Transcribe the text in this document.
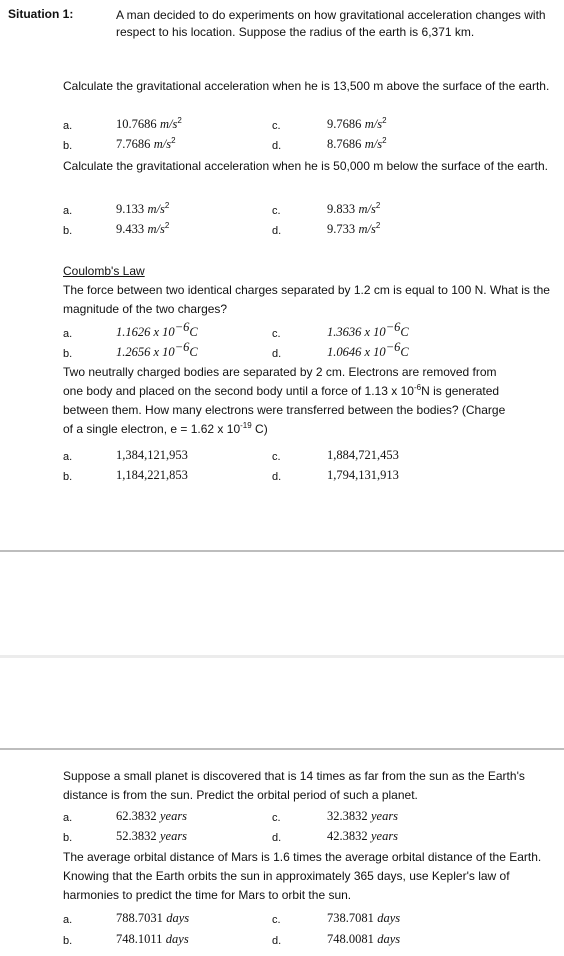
Situation 1:	A man decided to do experiments on how gravitational acceleration changes with respect to his location. Suppose the radius of the earth is 6,371 km.
Calculate the gravitational acceleration when he is 13,500 m above the surface of the earth.
a.	10.7686 $m/s^2$	c.	9.7686 $m/s^2$
b.	7.7686 $m/s^2$	d.	8.7686 $m/s^2$
Calculate the gravitational acceleration when he is 50,000 m below the surface of the earth.
a.	9.133 $m/s^2$	c.	9.833 $m/s^2$
b.	9.433 $m/s^2$	d.	9.733 $m/s^2$
Coulomb's Law
The force between two identical charges separated by 1.2 cm is equal to 100 N. What is the magnitude of the two charges?
a.	1.1626 x $10^{-6}C$	c.	1.3636 x $10^{-6}C$
b.	1.2656 x $10^{-6}C$	d.	1.0646 x $10^{-6}C$
Two neutrally charged bodies are separated by 2 cm. Electrons are removed from
one body and placed on the second body until a force of 1.13 x $10^{-6}N$ is generated
between them. How many electrons were transferred between the bodies? (Charge
of a single electron, e = 1.62 x $10^{-19}$ C)
a.	1,384,121,953	c.	1,884,721,453
b.	1,184,221,853	d.	1,794,131,913
Suppose a small planet is discovered that is 14 times as far from the sun as the Earth's distance is from the sun. Predict the orbital period of such a planet.
a.	62.3832 years	c.	32.3832 years
b.	52.3832 years	d.	42.3832 years
The average orbital distance of Mars is 1.6 times the average orbital distance of the Earth. Knowing that the Earth orbits the sun in approximately 365 days, use Kepler's law of harmonies to predict the time for Mars to orbit the sun.
a.	788.7031 days	c.	738.7081 days
b.	748.1011 days	d.	748.0081 days
